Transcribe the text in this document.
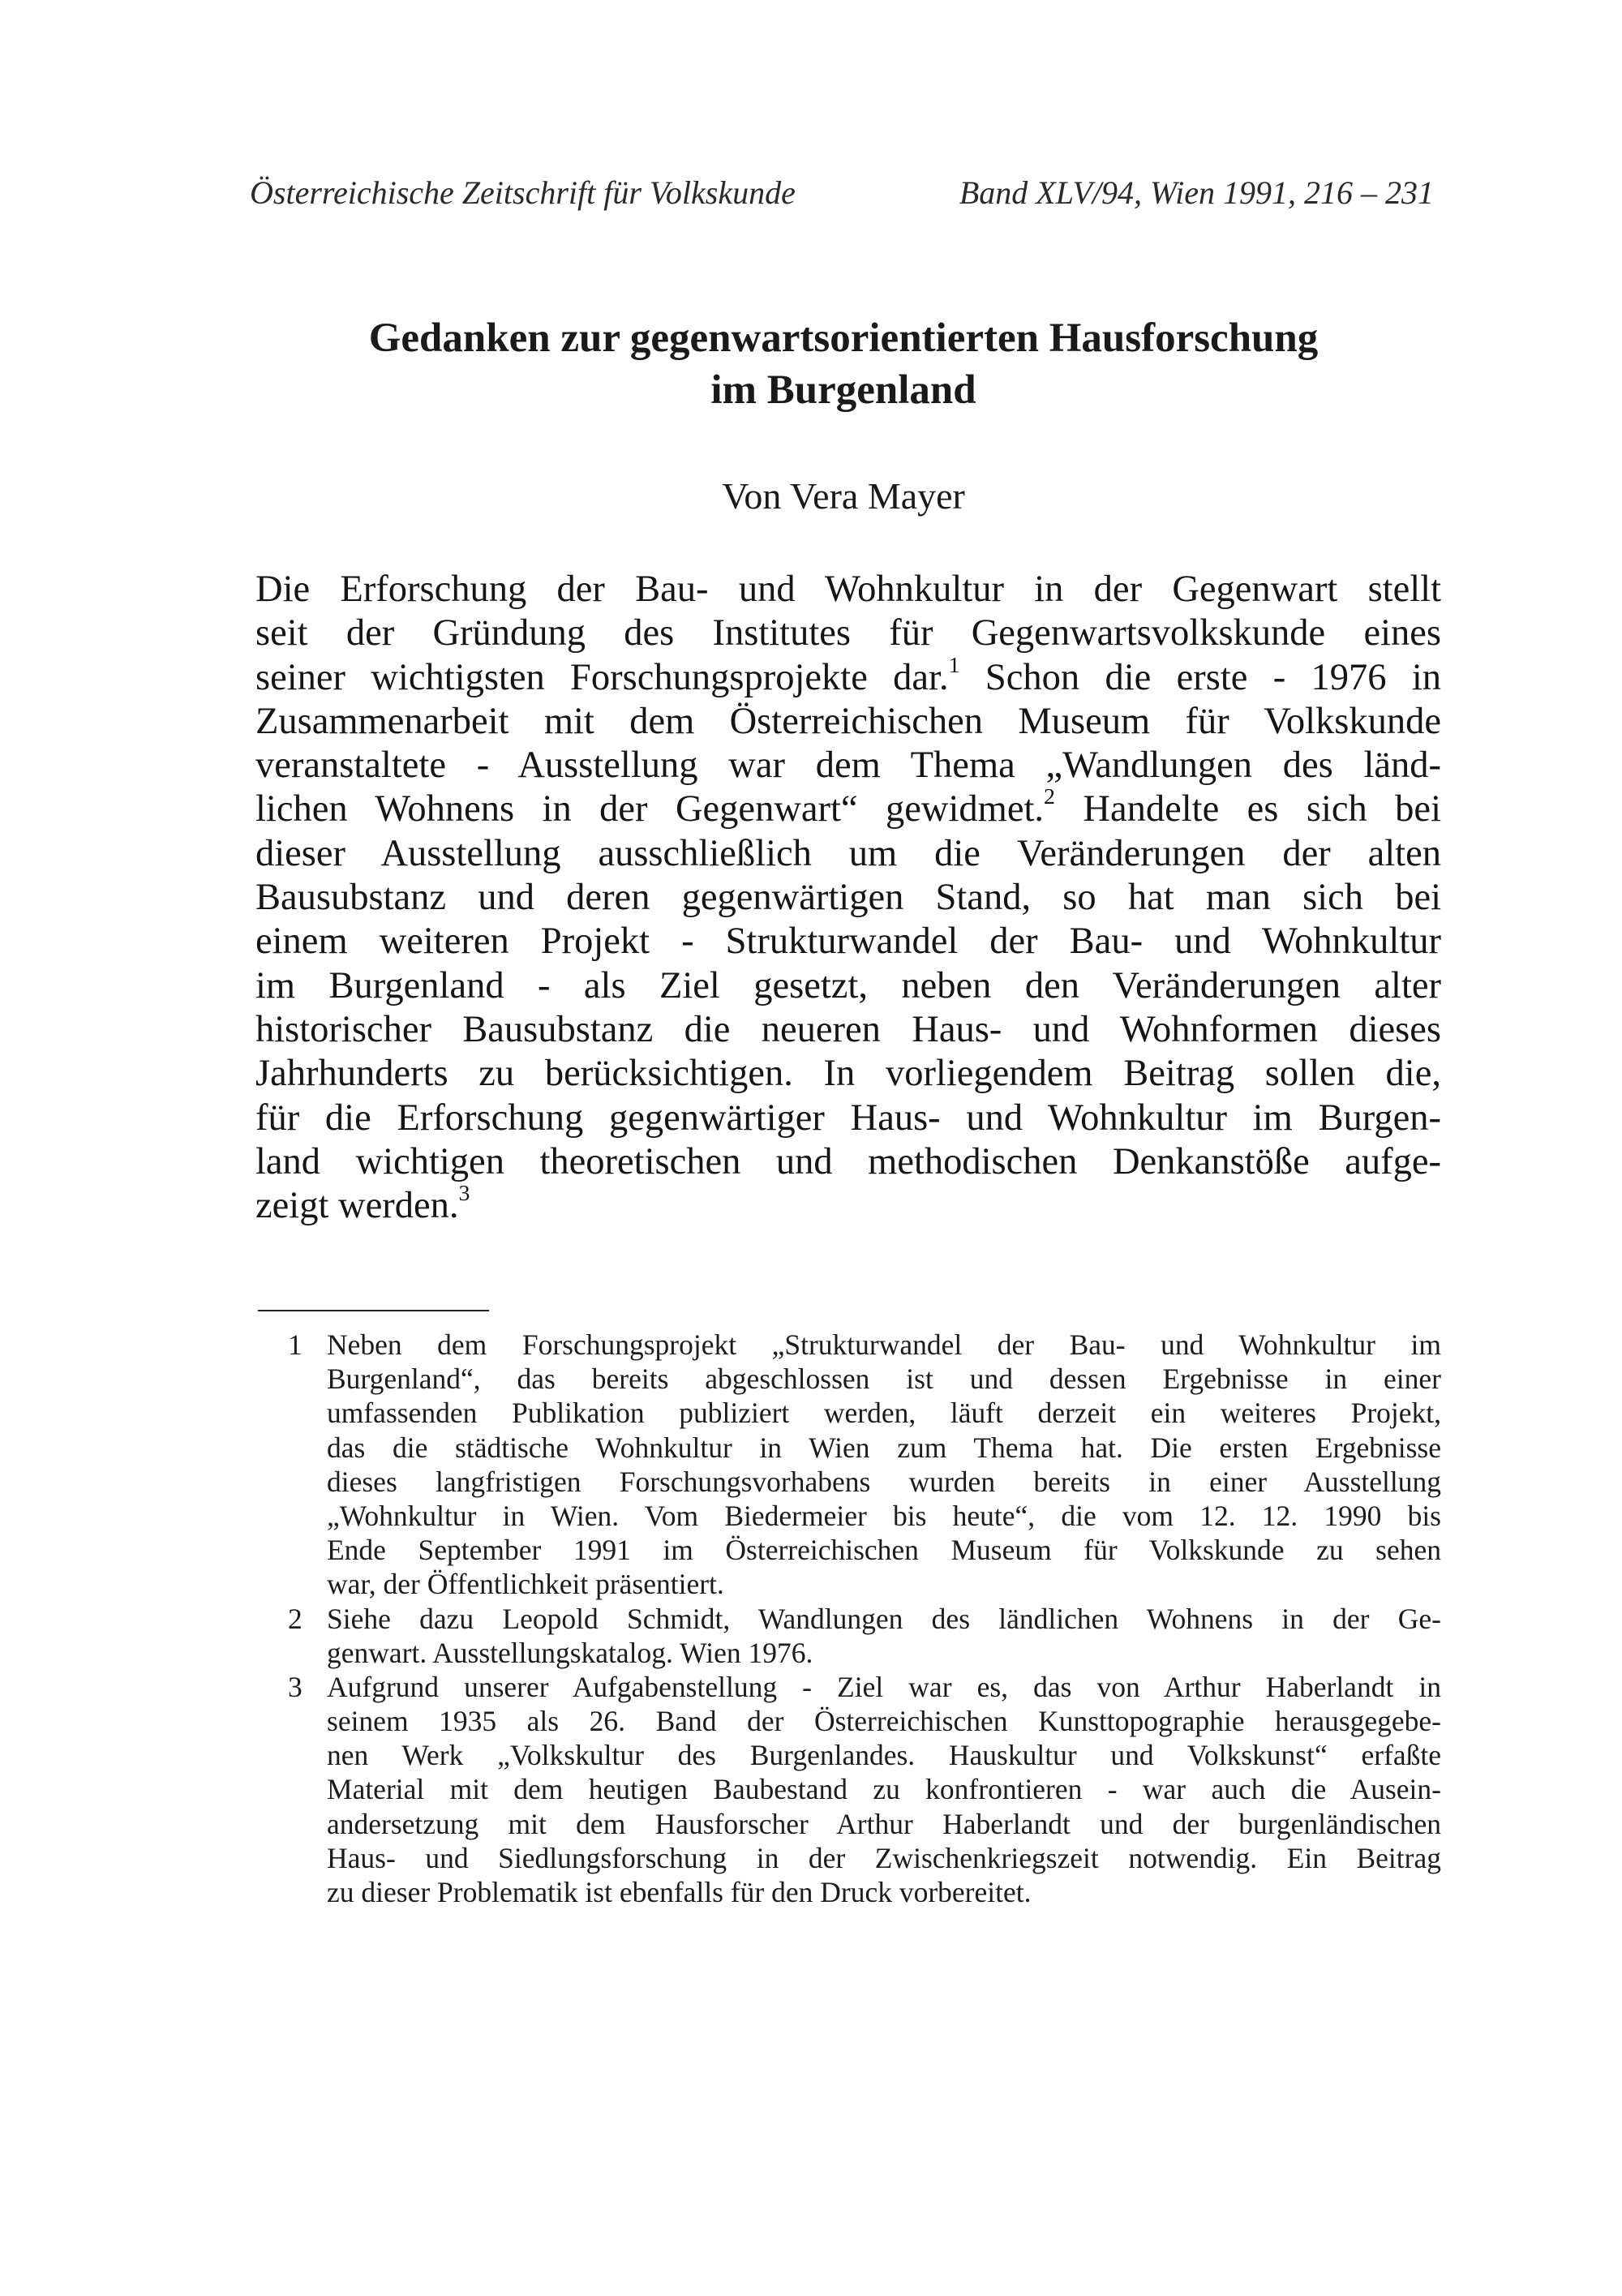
Österreichische Zeitschrift für Volkskunde	Band XLV/94, Wien 1991, 216 – 231
Gedanken zur gegenwartsorientierten Hausforschung
im Burgenland
Von Vera Mayer
Die Erforschung der Bau- und Wohnkultur in der Gegenwart stellt
seit der Gründung des Institutes für Gegenwartsvolkskunde eines
seiner wichtigsten Forschungsprojekte dar.$^1$ Schon die erste - 1976 in
Zusammenarbeit mit dem Österreichischen Museum für Volkskunde
veranstaltete - Ausstellung war dem Thema „Wandlungen des länd-
lichen Wohnens in der Gegenwart“ gewidmet.$^2$ Handelte es sich bei
dieser Ausstellung ausschließlich um die Veränderungen der alten
Bausubstanz und deren gegenwärtigen Stand, so hat man sich bei
einem weiteren Projekt - Strukturwandel der Bau- und Wohnkultur
im Burgenland - als Ziel gesetzt, neben den Veränderungen alter
historischer Bausubstanz die neueren Haus- und Wohnformen dieses
Jahrhunderts zu berücksichtigen. In vorliegendem Beitrag sollen die,
für die Erforschung gegenwärtiger Haus- und Wohnkultur im Burgen-
land wichtigen theoretischen und methodischen Denkanstöße aufge-
zeigt werden.$^3$
1 Neben dem Forschungsprojekt „Strukturwandel der Bau- und Wohnkultur im
Burgenland“, das bereits abgeschlossen ist und dessen Ergebnisse in einer
umfassenden Publikation publiziert werden, läuft derzeit ein weiteres Projekt,
das die städtische Wohnkultur in Wien zum Thema hat. Die ersten Ergebnisse
dieses langfristigen Forschungsvorhabens wurden bereits in einer Ausstellung
„Wohnkultur in Wien. Vom Biedermeier bis heute“, die vom 12. 12. 1990 bis
Ende September 1991 im Österreichischen Museum für Volkskunde zu sehen
war, der Öffentlichkeit präsentiert.
2 Siehe dazu Leopold Schmidt, Wandlungen des ländlichen Wohnens in der Ge-
genwart. Ausstellungskatalog. Wien 1976.
3 Aufgrund unserer Aufgabenstellung - Ziel war es, das von Arthur Haberlandt in
seinem 1935 als 26. Band der Österreichischen Kunsttopographie herausgegebe-
nen Werk „Volkskultur des Burgenlandes. Hauskultur und Volkskunst“ erfaßte
Material mit dem heutigen Baubestand zu konfrontieren - war auch die Ausein-
andersetzung mit dem Hausforscher Arthur Haberlandt und der burgenländischen
Haus- und Siedlungsforschung in der Zwischenkriegszeit notwendig. Ein Beitrag
zu dieser Problematik ist ebenfalls für den Druck vorbereitet.
